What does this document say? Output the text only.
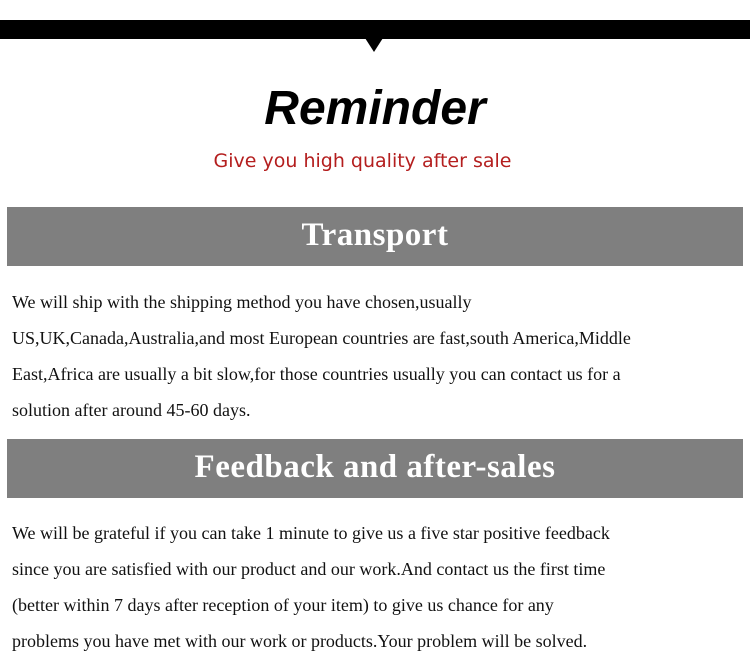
Reminder
Give you high quality after sale
Transport
We will ship with the shipping method you have chosen,usually
US,UK,Canada,Australia,and most European countries are fast,south America,Middle
East,Africa are usually a bit slow,for those countries usually you can contact us for a
solution after around 45-60 days.
Feedback and after-sales
We will be grateful if you can take 1 minute to give us a five star positive feedback
since you are satisfied with our product and our work.And contact us the first time
(better within 7 days after reception of your item) to give us chance for any
problems you have met with our work or products.Your problem will be solved.
